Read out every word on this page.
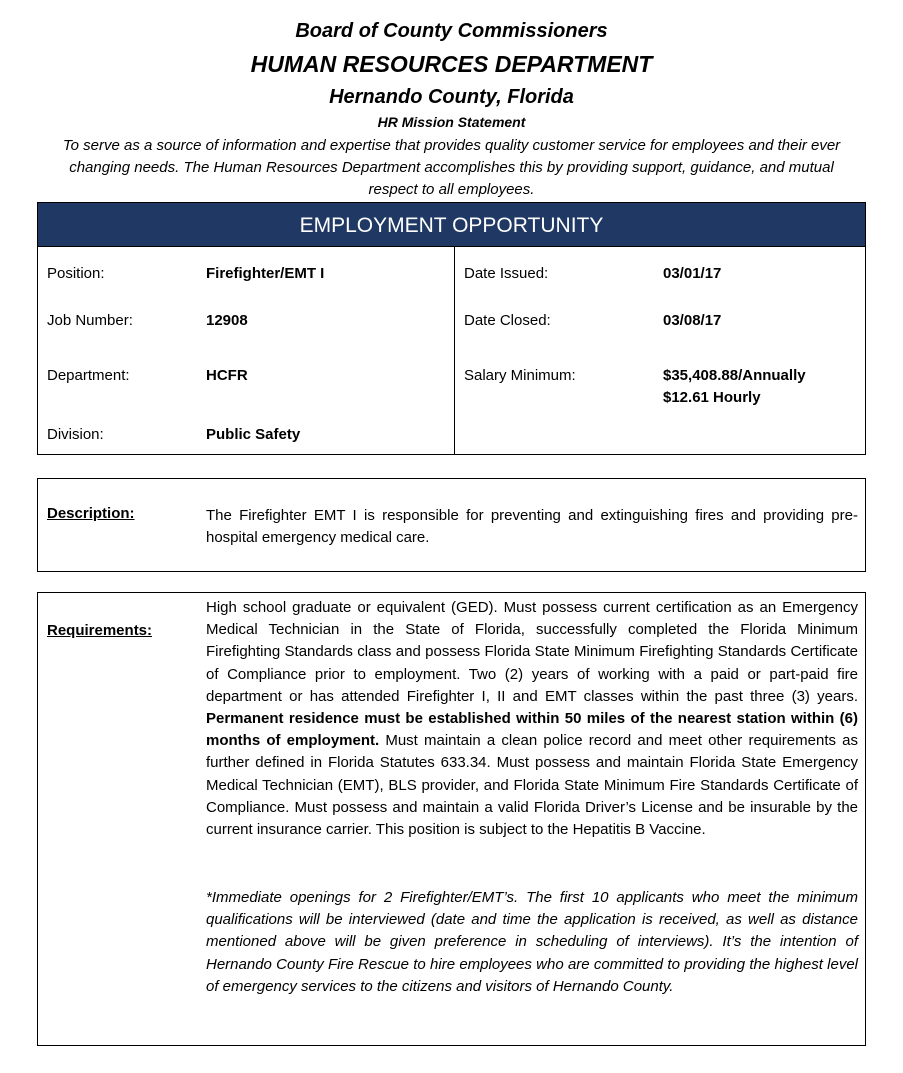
Board of County Commissioners
HUMAN RESOURCES DEPARTMENT
Hernando County, Florida
HR Mission Statement

To serve as a source of information and expertise that provides quality customer service for employees and their ever changing needs. The Human Resources Department accomplishes this by providing support, guidance, and mutual respect to all employees.

EMPLOYMENT OPPORTUNITY
Position:	Firefighter/EMT I
Job Number:	12908
Department:	HCFR
Division:	Public Safety
Date Issued:	03/01/17
Date Closed:	03/08/17
Salary Minimum:	$35,408.88/Annually
$12.61 Hourly
Description:	The Firefighter EMT I is responsible for preventing and extinguishing fires and providing pre-hospital emergency medical care.

Requirements:

High school graduate or equivalent (GED). Must possess current certification as an Emergency Medical Technician in the State of Florida, successfully completed the Florida Minimum Firefighting Standards class and possess Florida State Minimum Firefighting Standards Certificate of Compliance prior to employment. Two (2) years of working with a paid or part-paid fire department or has attended Firefighter I, II and EMT classes within the past three (3) years. Permanent residence must be established within 50 miles of the nearest station within (6) months of employment. Must maintain a clean police record and meet other requirements as further defined in Florida Statutes 633.34. Must possess and maintain Florida State Emergency Medical Technician (EMT), BLS provider, and Florida State Minimum Fire Standards Certificate of Compliance. Must possess and maintain a valid Florida Driver’s License and be insurable by the current insurance carrier. This position is subject to the Hepatitis B Vaccine.

*Immediate openings for 2 Firefighter/EMT’s. The first 10 applicants who meet the minimum qualifications will be interviewed (date and time the application is received, as well as distance mentioned above will be given preference in scheduling of interviews). It’s the intention of Hernando County Fire Rescue to hire employees who are committed to providing the highest level of emergency services to the citizens and visitors of Hernando County.
